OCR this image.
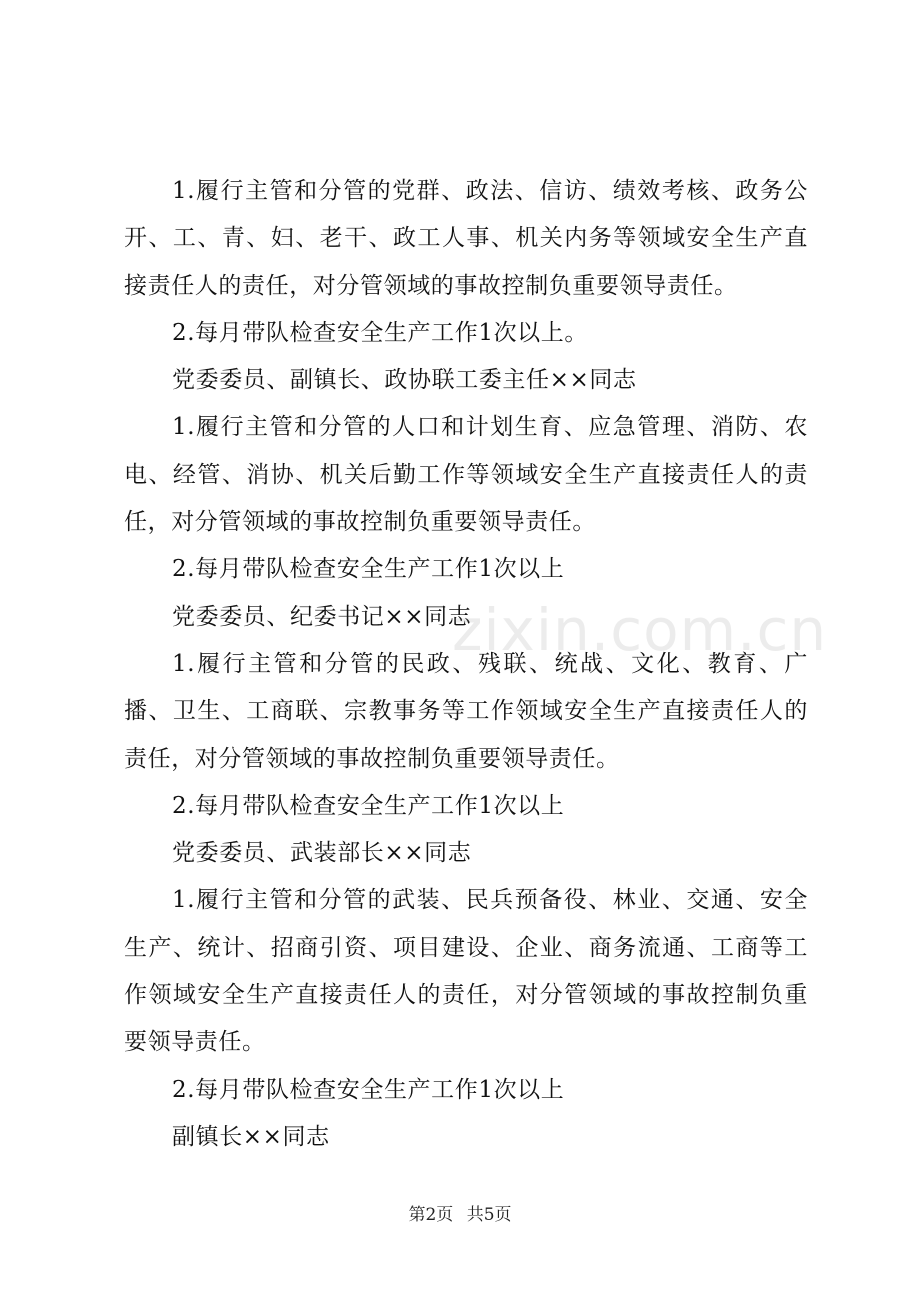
1.履行主管和分管的党群、政法、信访、绩效考核、政务公开、工、青、妇、老干、政工人事、机关内务等领域安全生产直接责任人的责任，对分管领域的事故控制负重要领导责任。

2.每月带队检查安全生产工作1次以上。

党委委员、副镇长、政协联工委主任××同志

1.履行主管和分管的人口和计划生育、应急管理、消防、农电、经管、消协、机关后勤工作等领域安全生产直接责任人的责任，对分管领域的事故控制负重要领导责任。

2.每月带队检查安全生产工作1次以上

党委委员、纪委书记××同志

1.履行主管和分管的民政、残联、统战、文化、教育、广播、卫生、工商联、宗教事务等工作领域安全生产直接责任人的责任，对分管领域的事故控制负重要领导责任。

2.每月带队检查安全生产工作1次以上

党委委员、武装部长××同志

1.履行主管和分管的武装、民兵预备役、林业、交通、安全生产、统计、招商引资、项目建设、企业、商务流通、工商等工作领域安全生产直接责任人的责任，对分管领域的事故控制负重要领导责任。

2.每月带队检查安全生产工作1次以上

副镇长××同志

zixin.com.cn
第2页 共5页
